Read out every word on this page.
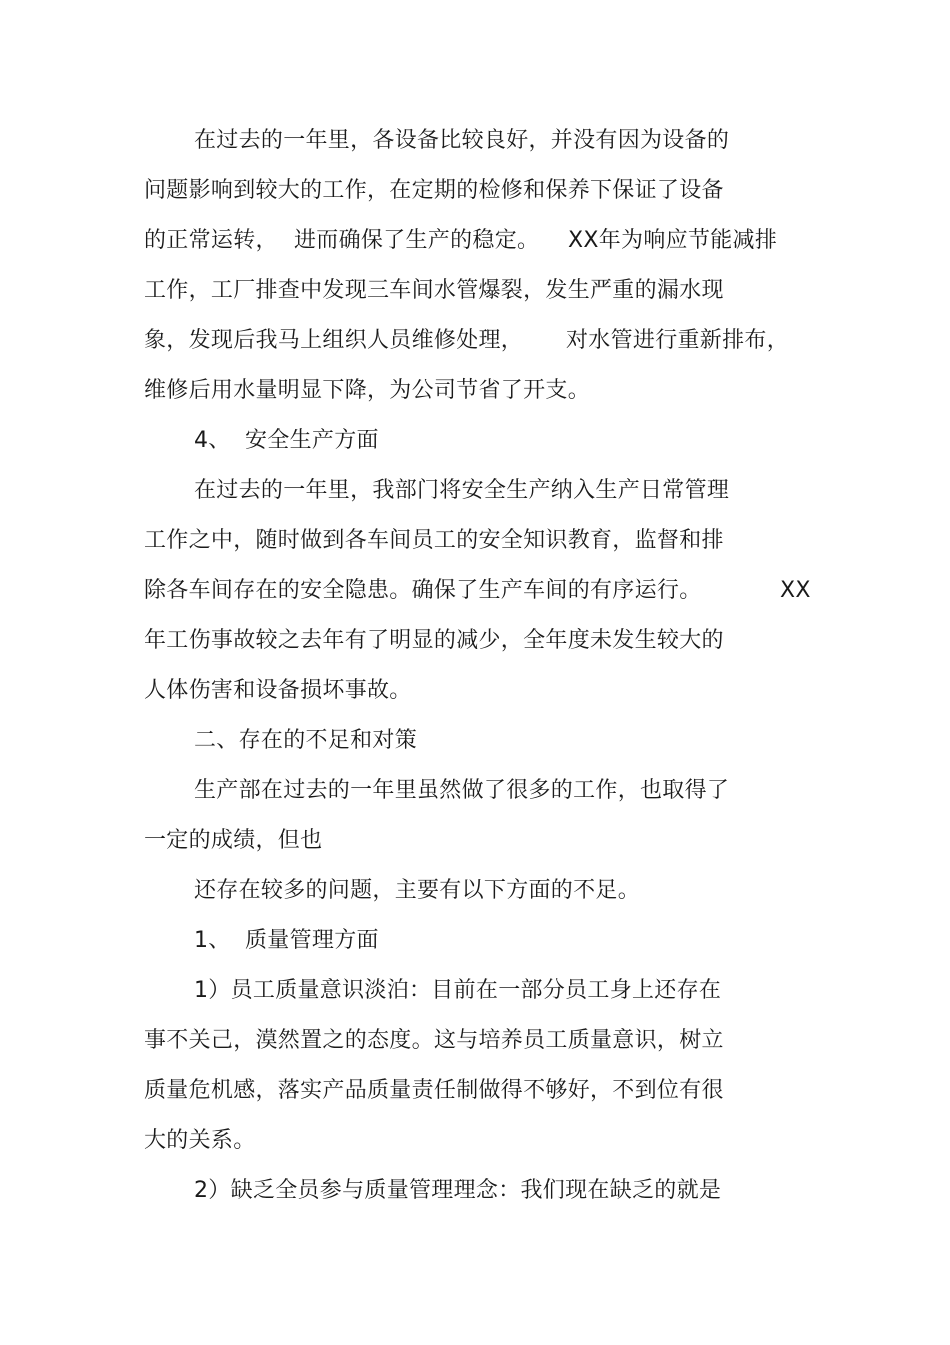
在过去的一年里，各设备比较良好，并没有因为设备的

问题影响到较大的工作，在定期的检修和保养下保证了设备

的正常运转，

进而确保了生产的稳定。

XX年为响应节能减排

工作，工厂排查中发现三车间水管爆裂，发生严重的漏水现

象，发现后我马上组织人员维修处理，

对水管进行重新排布，

维修后用水量明显下降，为公司节省了开支。

4、

安全生产方面

在过去的一年里，我部门将安全生产纳入生产日常管理

工作之中，随时做到各车间员工的安全知识教育，监督和排

除各车间存在的安全隐患。确保了生产车间的有序运行。

	XX

年工伤事故较之去年有了明显的减少，全年度未发生较大的

人体伤害和设备损坏事故。

二、存在的不足和对策

生产部在过去的一年里虽然做了很多的工作，也取得了

一定的成绩，但也

还存在较多的问题，主要有以下方面的不足。

1、

质量管理方面

1）员工质量意识淡泊：目前在一部分员工身上还存在

事不关己，漠然置之的态度。这与培养员工质量意识，树立

质量危机感，落实产品质量责任制做得不够好，不到位有很

大的关系。

2）缺乏全员参与质量管理理念：我们现在缺乏的就是
